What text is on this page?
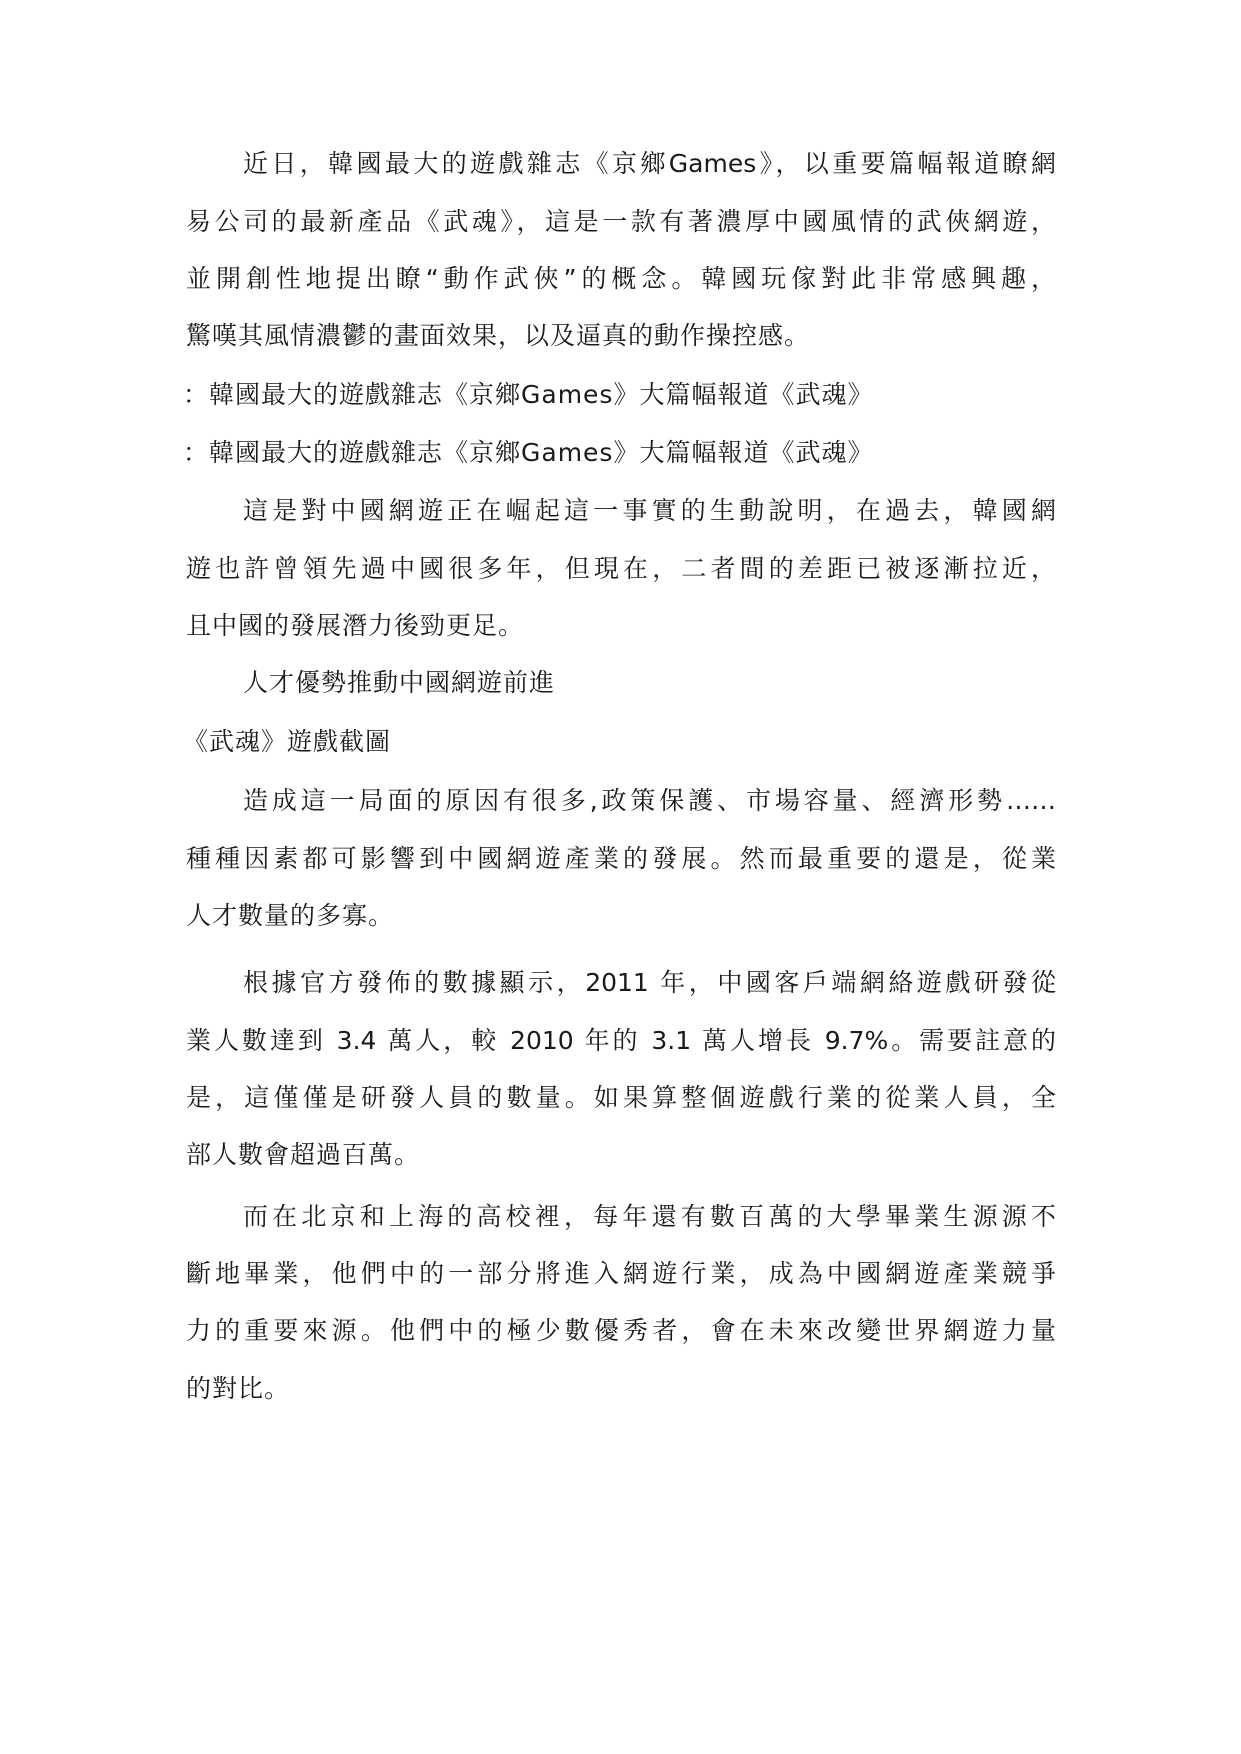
近日，韓國最大的遊戲雜志《京鄉Games》，以重要篇幅報道瞭網
易公司的最新產品《武魂》，這是一款有著濃厚中國風情的武俠網遊，
並開創性地提出瞭“動作武俠”的概念。韓國玩傢對此非常感興趣，
驚嘆其風情濃鬱的畫面效果，以及逼真的動作操控感。
：韓國最大的遊戲雜志《京鄉Games》大篇幅報道《武魂》
：韓國最大的遊戲雜志《京鄉Games》大篇幅報道《武魂》
這是對中國網遊正在崛起這一事實的生動說明，在過去，韓國網
遊也許曾領先過中國很多年，但現在，二者間的差距已被逐漸拉近，
且中國的發展潛力後勁更足。
人才優勢推動中國網遊前進
《武魂》遊戲截圖
造成這一局面的原因有很多,政策保護、市場容量、經濟形勢……
種種因素都可影響到中國網遊產業的發展。然而最重要的還是，從業
人才數量的多寡。
根據官方發佈的數據顯示，2011 年，中國客戶端網絡遊戲研發從
業人數達到 3.4 萬人，較 2010 年的 3.1 萬人增長 9.7%。需要註意的
是，這僅僅是研發人員的數量。如果算整個遊戲行業的從業人員，全
部人數會超過百萬。
而在北京和上海的高校裡，每年還有數百萬的大學畢業生源源不
斷地畢業，他們中的一部分將進入網遊行業，成為中國網遊產業競爭
力的重要來源。他們中的極少數優秀者，會在未來改變世界網遊力量
的對比。
